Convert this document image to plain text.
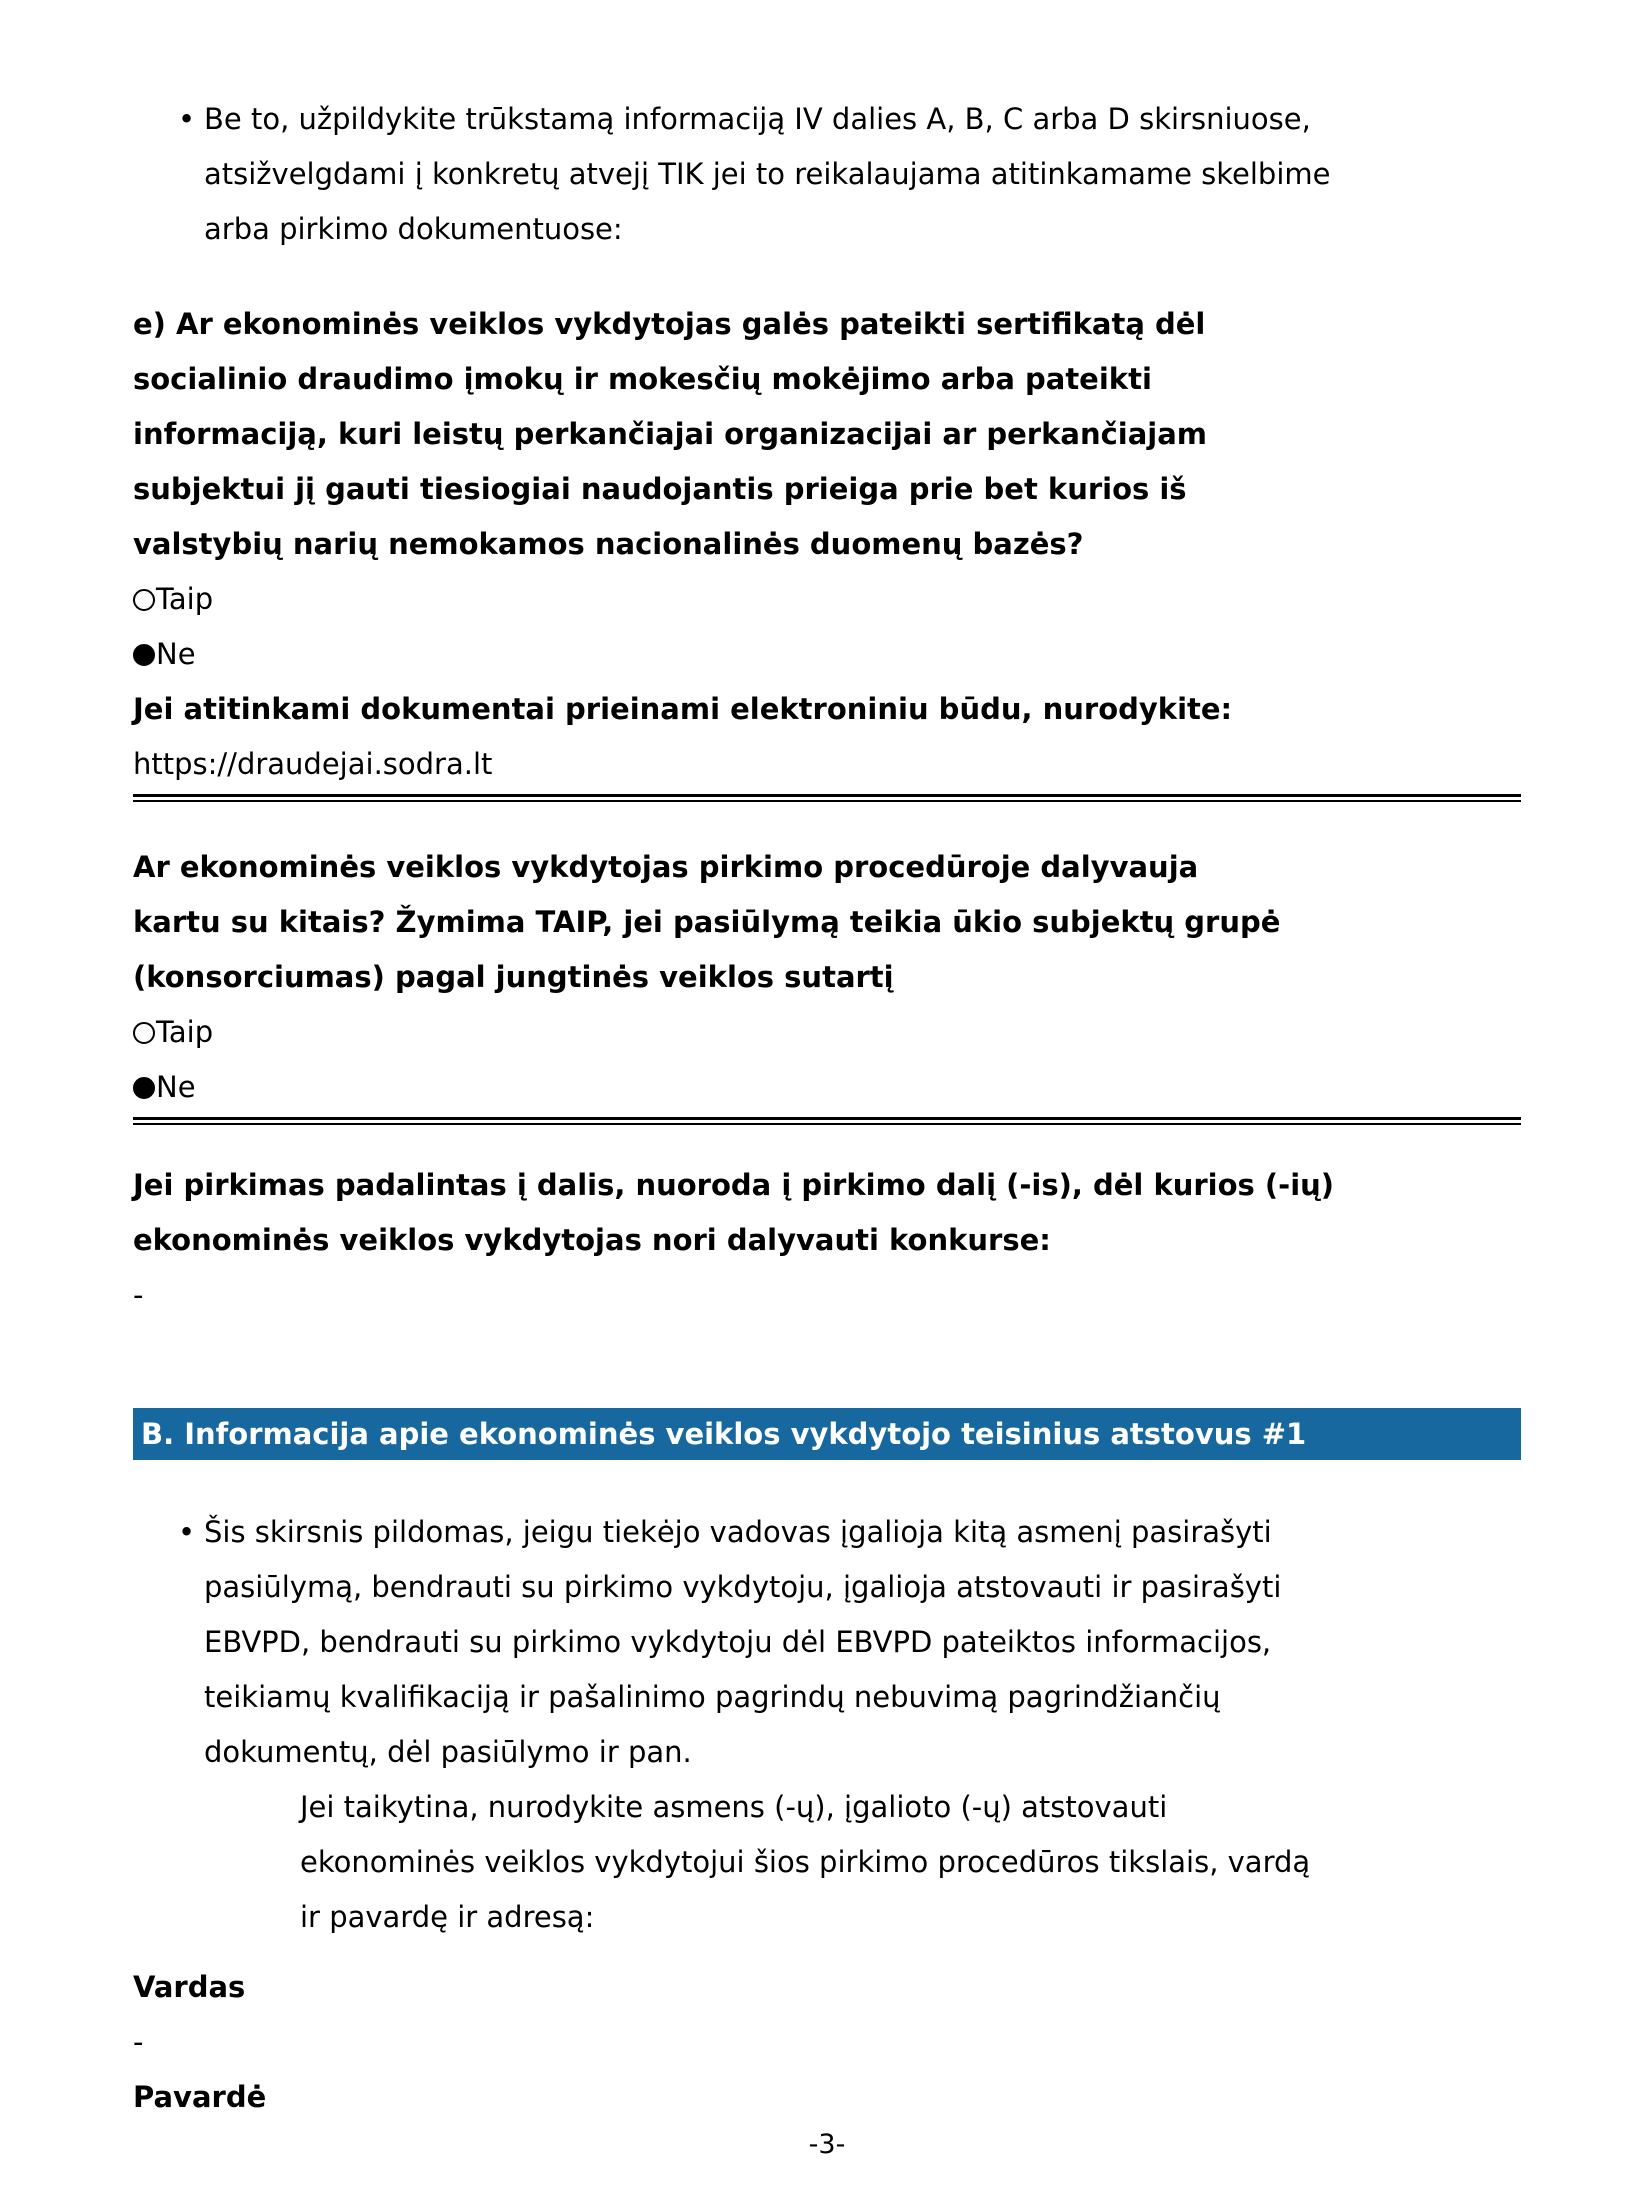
• Be to, užpildykite trūkstamą informaciją IV dalies A, B, C arba D skirsniuose,
atsižvelgdami į konkretų atvejį TIK jei to reikalaujama atitinkamame skelbime
arba pirkimo dokumentuose:
e) Ar ekonominės veiklos vykdytojas galės pateikti sertifikatą dėl
socialinio draudimo įmokų ir mokesčių mokėjimo arba pateikti
informaciją, kuri leistų perkančiajai organizacijai ar perkančiajam
subjektui jį gauti tiesiogiai naudojantis prieiga prie bet kurios iš
valstybių narių nemokamos nacionalinės duomenų bazės?
Taip
Ne
Jei atitinkami dokumentai prieinami elektroniniu būdu, nurodykite:
https://draudejai.sodra.lt
Ar ekonominės veiklos vykdytojas pirkimo procedūroje dalyvauja
kartu su kitais? Žymima TAIP, jei pasiūlymą teikia ūkio subjektų grupė
(konsorciumas) pagal jungtinės veiklos sutartį
Taip
Ne
Jei pirkimas padalintas į dalis, nuoroda į pirkimo dalį (-is), dėl kurios (-ių)
ekonominės veiklos vykdytojas nori dalyvauti konkurse:
-
B. Informacija apie ekonominės veiklos vykdytojo teisinius atstovus #1
• Šis skirsnis pildomas, jeigu tiekėjo vadovas įgalioja kitą asmenį pasirašyti
pasiūlymą, bendrauti su pirkimo vykdytoju, įgalioja atstovauti ir pasirašyti
EBVPD, bendrauti su pirkimo vykdytoju dėl EBVPD pateiktos informacijos,
teikiamų kvalifikaciją ir pašalinimo pagrindų nebuvimą pagrindžiančių
dokumentų, dėl pasiūlymo ir pan.
Jei taikytina, nurodykite asmens (-ų), įgalioto (-ų) atstovauti
ekonominės veiklos vykdytojui šios pirkimo procedūros tikslais, vardą
ir pavardę ir adresą:
Vardas
-
Pavardė
-3-
